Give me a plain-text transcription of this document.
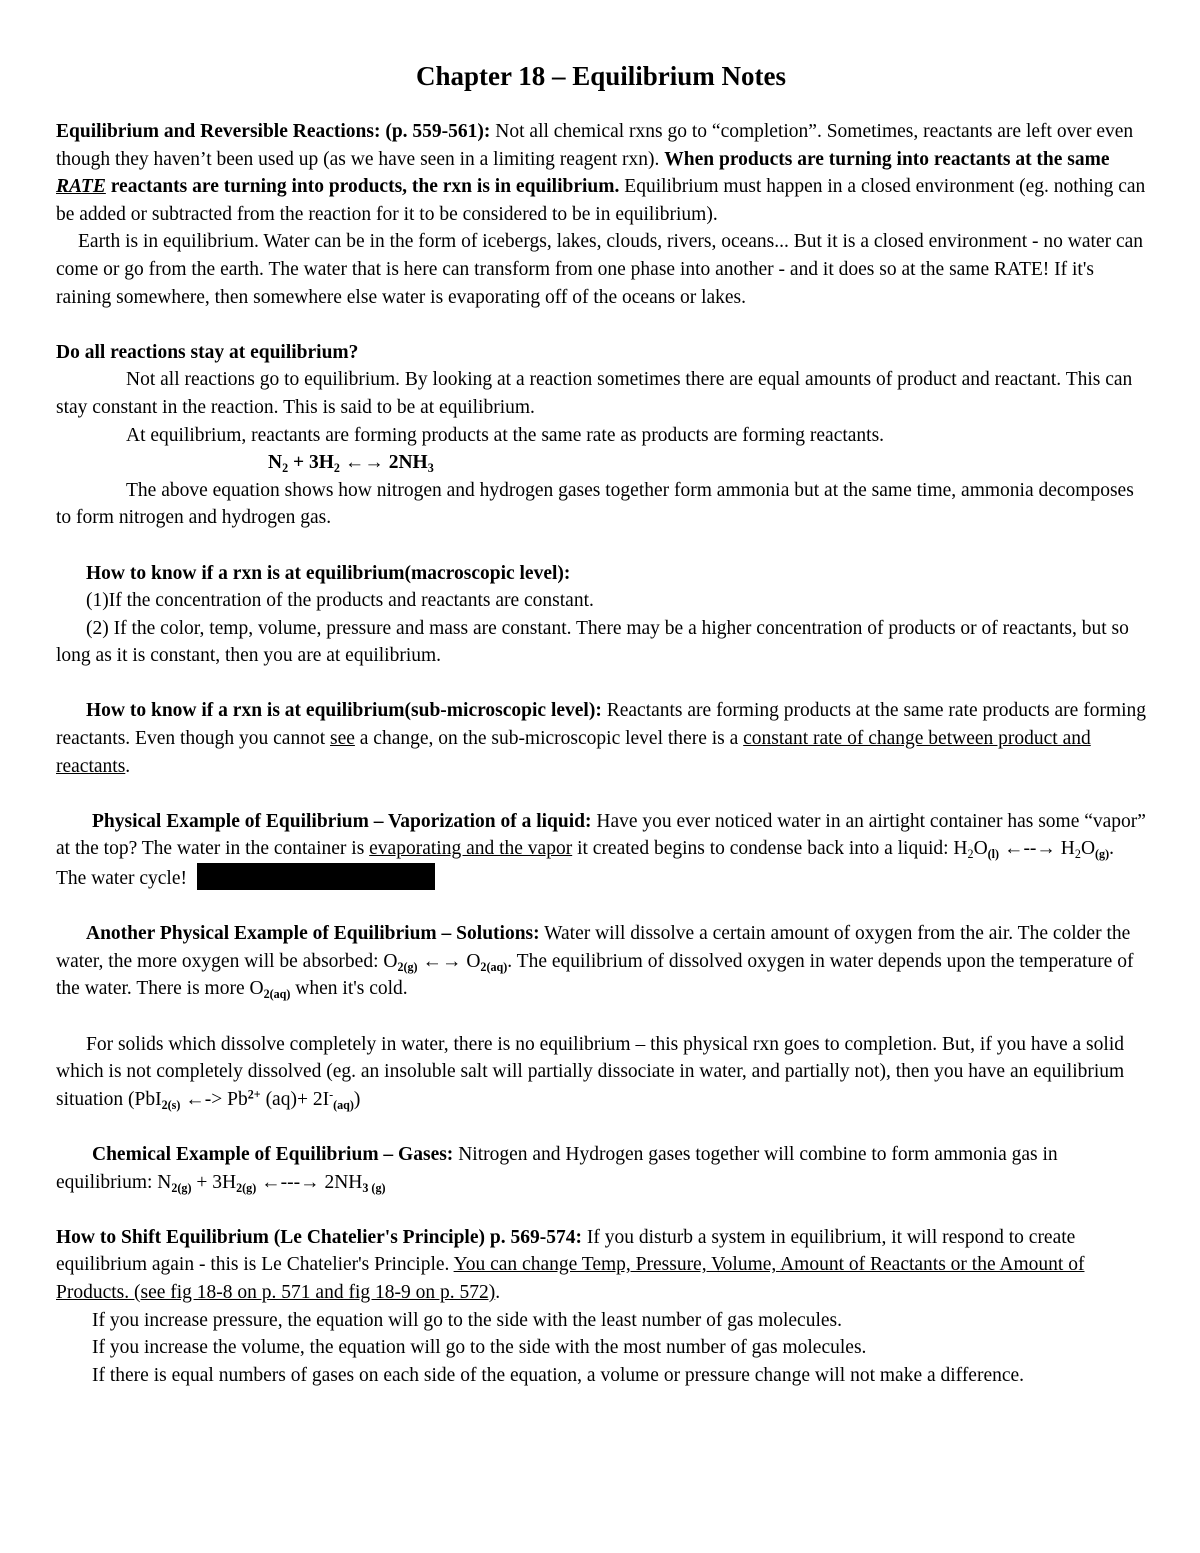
Chapter 18 – Equilibrium Notes

Equilibrium and Reversible Reactions: (p. 559-561): Not all chemical rxns go to “completion”. Sometimes, reactants are left over even though they haven’t been used up (as we have seen in a limiting reagent rxn). When products are turning into reactants at the same RATE reactants are turning into products, the rxn is in equilibrium. Equilibrium must happen in a closed environment (eg. nothing can be added or subtracted from the reaction for it to be considered to be in equilibrium).

Earth is in equilibrium. Water can be in the form of icebergs, lakes, clouds, rivers, oceans... But it is a closed environment - no water can come or go from the earth. The water that is here can transform from one phase into another - and it does so at the same RATE! If it's raining somewhere, then somewhere else water is evaporating off of the oceans or lakes.

Do all reactions stay at equilibrium?

Not all reactions go to equilibrium. By looking at a reaction sometimes there are equal amounts of product and reactant. This can stay constant in the reaction. This is said to be at equilibrium.

At equilibrium, reactants are forming products at the same rate as products are forming reactants.

$N_2 + 3H_2$ ←→ $2NH_3$

The above equation shows how nitrogen and hydrogen gases together form ammonia but at the same time, ammonia decomposes to form nitrogen and hydrogen gas.

How to know if a rxn is at equilibrium(macroscopic level):

(1)If the concentration of the products and reactants are constant.

(2) If the color, temp, volume, pressure and mass are constant. There may be a higher concentration of products or of reactants, but so long as it is constant, then you are at equilibrium.

How to know if a rxn is at equilibrium(sub-microscopic level): Reactants are forming products at the same rate products are forming reactants. Even though you cannot see a change, on the sub-microscopic level there is a constant rate of change between product and reactants.

Physical Example of Equilibrium – Vaporization of a liquid: Have you ever noticed water in an airtight container has some “vapor” at the top? The water in the container is evaporating and the vapor it created begins to condense back into a liquid: $H_2O_{(l)}$ ←--→ $H_2O_{(g)}$. The water cycle!

Another Physical Example of Equilibrium – Solutions: Water will dissolve a certain amount of oxygen from the air. The colder the water, the more oxygen will be absorbed: $O_{2(g)}$ ←→ $O_{2(aq)}$. The equilibrium of dissolved oxygen in water depends upon the temperature of the water. There is more $O_{2(aq)}$ when it's cold.

For solids which dissolve completely in water, there is no equilibrium – this physical rxn goes to completion. But, if you have a solid which is not completely dissolved (eg. an insoluble salt will partially dissociate in water, and partially not), then you have an equilibrium situation (PbI$_{2(s)}$ ←-> $Pb^{2+}$ $(aq)+ 2I^-_{(aq)}$)

Chemical Example of Equilibrium – Gases: Nitrogen and Hydrogen gases together will combine to form ammonia gas in equilibrium: $N_{2(g)} + 3H_{2(g)}$ ←---→ $2NH_{3 (g)}$

How to Shift Equilibrium (Le Chatelier's Principle) p. 569-574: If you disturb a system in equilibrium, it will respond to create equilibrium again - this is Le Chatelier's Principle. You can change Temp, Pressure, Volume, Amount of Reactants or the Amount of Products. (see fig 18-8 on p. 571 and fig 18-9 on p. 572).

If you increase pressure, the equation will go to the side with the least number of gas molecules.

If you increase the volume, the equation will go to the side with the most number of gas molecules.

If there is equal numbers of gases on each side of the equation, a volume or pressure change will not make a difference.
